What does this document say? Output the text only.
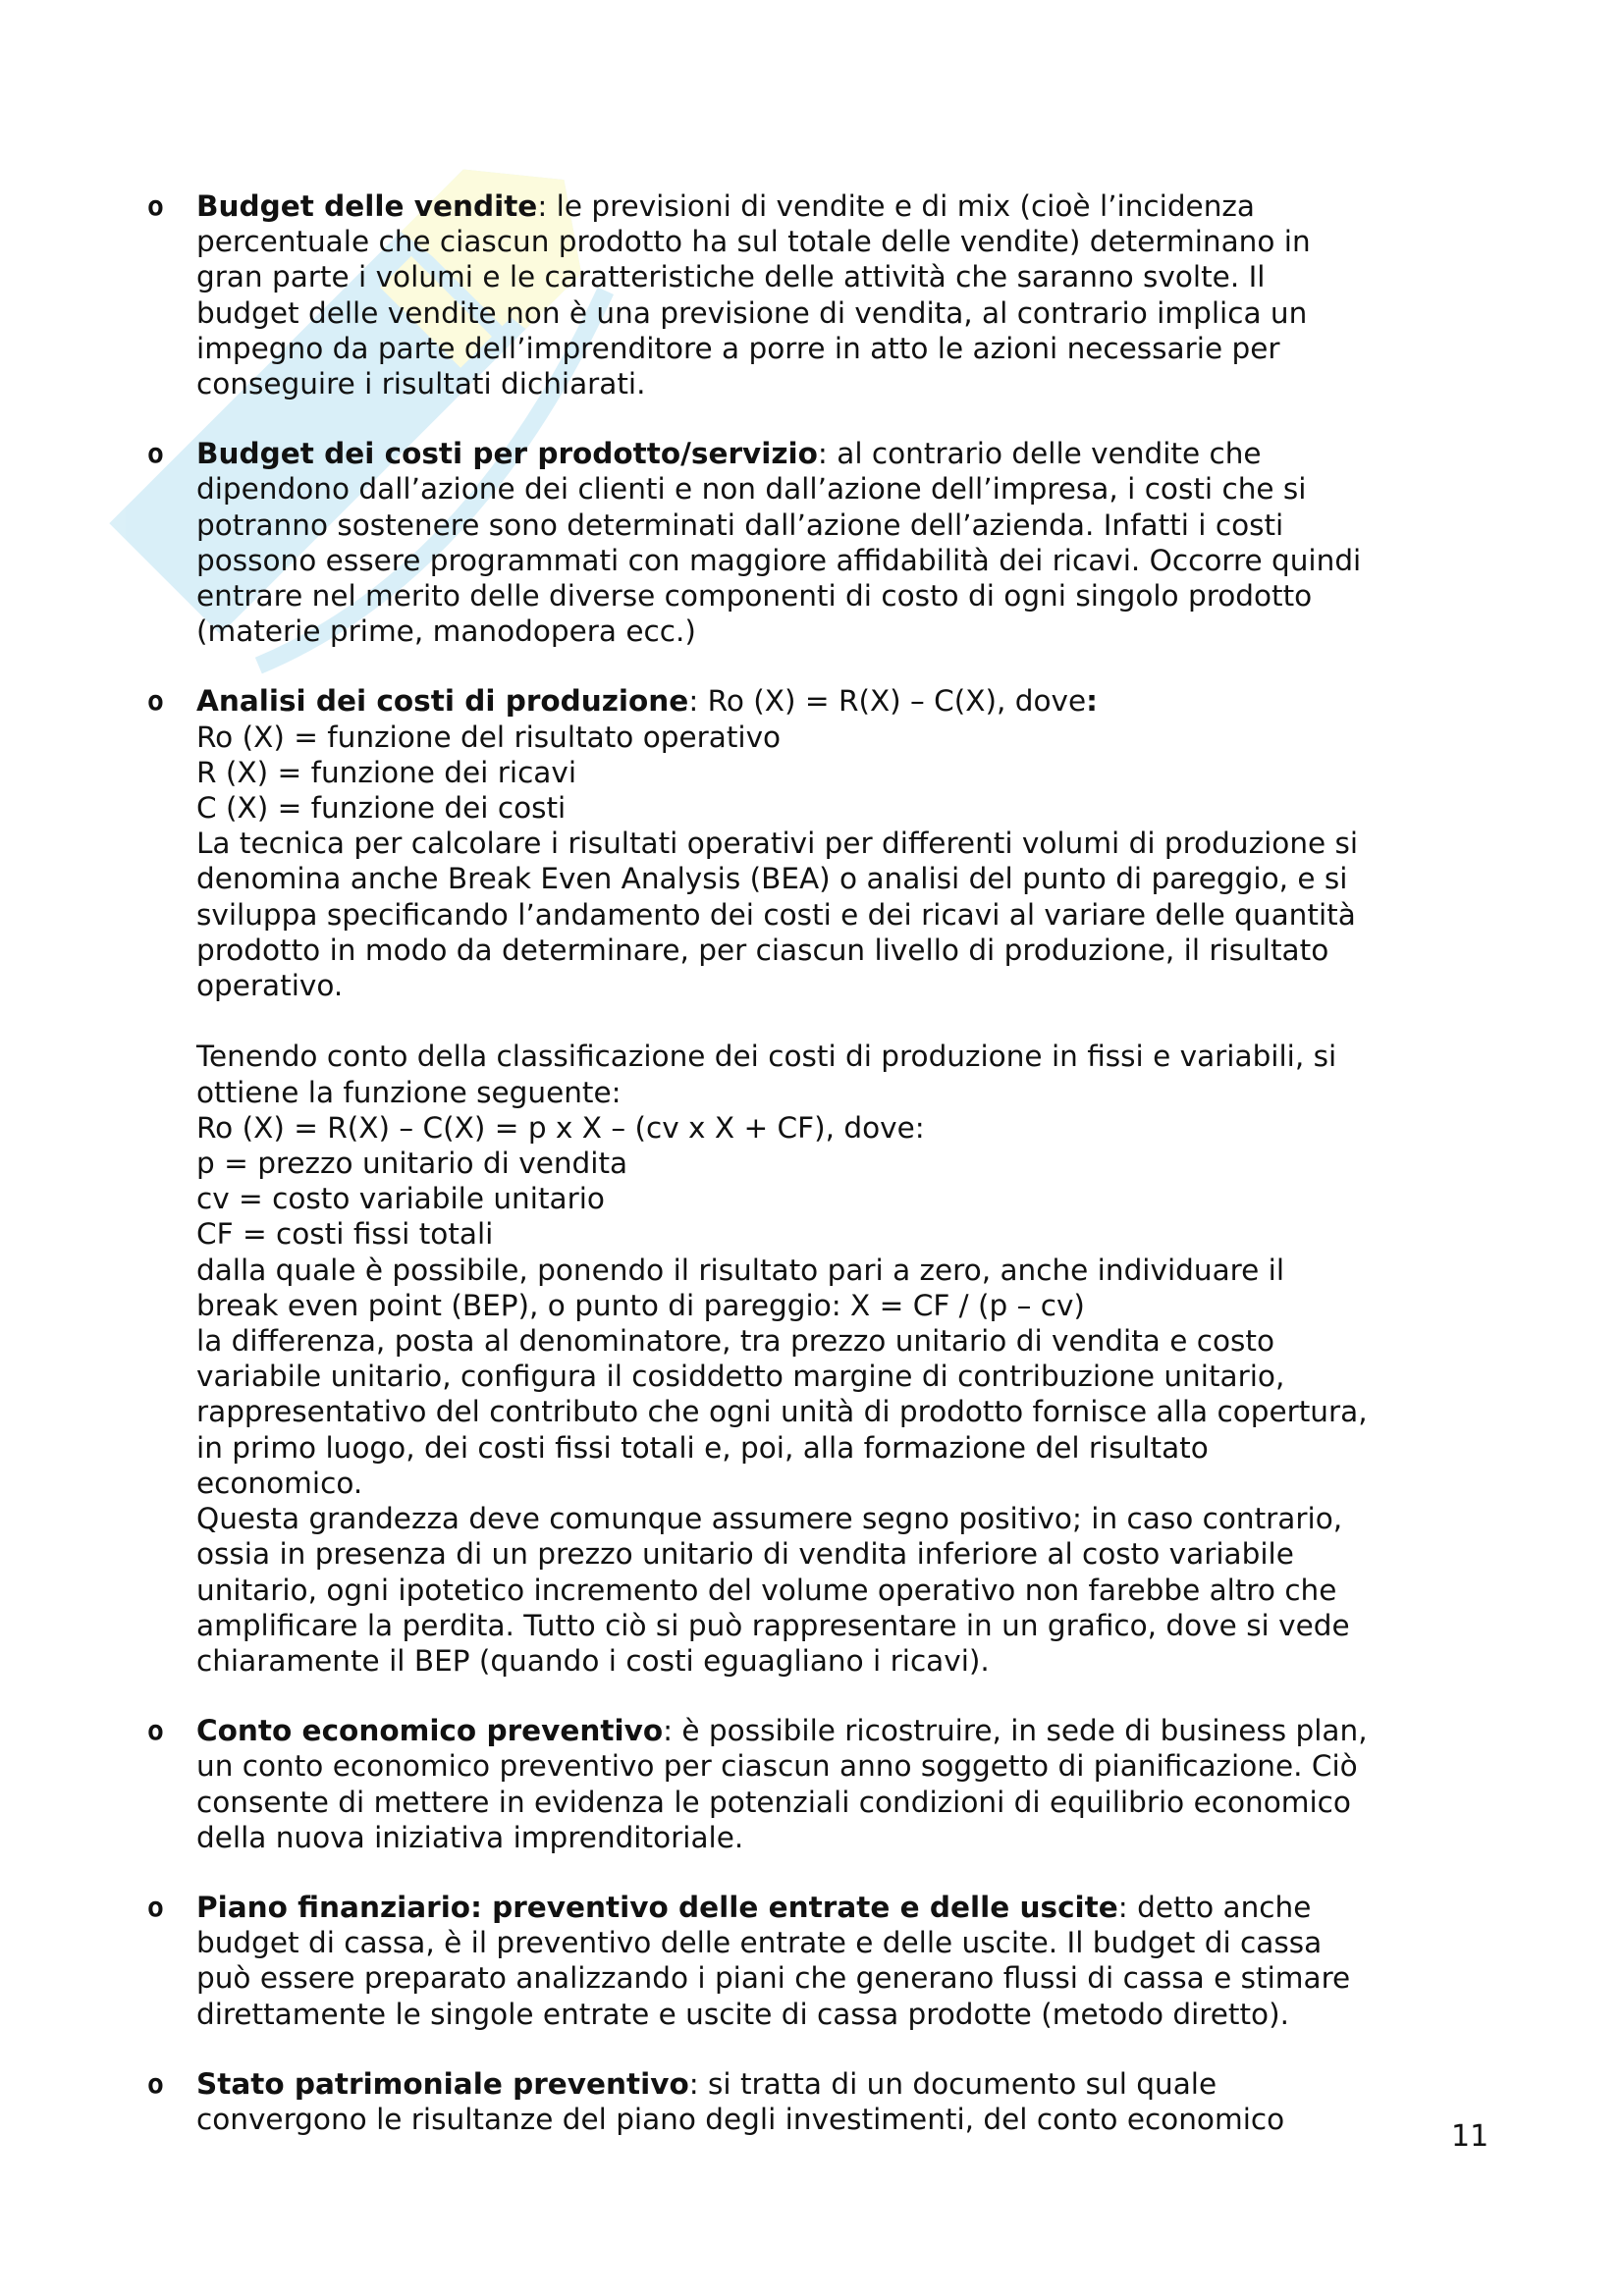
o Budget delle vendite: le previsioni di vendite e di mix (cioè l’incidenza
percentuale che ciascun prodotto ha sul totale delle vendite) determinano in
gran parte i volumi e le caratteristiche delle attività che saranno svolte. Il
budget delle vendite non è una previsione di vendita, al contrario implica un
impegno da parte dell’imprenditore a porre in atto le azioni necessarie per
conseguire i risultati dichiarati.
o Budget dei costi per prodotto/servizio: al contrario delle vendite che
dipendono dall’azione dei clienti e non dall’azione dell’impresa, i costi che si
potranno sostenere sono determinati dall’azione dell’azienda. Infatti i costi
possono essere programmati con maggiore affidabilità dei ricavi. Occorre quindi
entrare nel merito delle diverse componenti di costo di ogni singolo prodotto
(materie prime, manodopera ecc.)
o Analisi dei costi di produzione: Ro (X) = R(X) – C(X), dove:
Ro (X) = funzione del risultato operativo
R (X) = funzione dei ricavi
C (X) = funzione dei costi
La tecnica per calcolare i risultati operativi per differenti volumi di produzione si
denomina anche Break Even Analysis (BEA) o analisi del punto di pareggio, e si
sviluppa specificando l’andamento dei costi e dei ricavi al variare delle quantità
prodotto in modo da determinare, per ciascun livello di produzione, il risultato
operativo.
Tenendo conto della classificazione dei costi di produzione in fissi e variabili, si
ottiene la funzione seguente:
Ro (X) = R(X) – C(X) = p x X – (cv x X + CF), dove:
p = prezzo unitario di vendita
cv = costo variabile unitario
CF = costi fissi totali
dalla quale è possibile, ponendo il risultato pari a zero, anche individuare il
break even point (BEP), o punto di pareggio: X = CF / (p – cv)
la differenza, posta al denominatore, tra prezzo unitario di vendita e costo
variabile unitario, configura il cosiddetto margine di contribuzione unitario,
rappresentativo del contributo che ogni unità di prodotto fornisce alla copertura,
in primo luogo, dei costi fissi totali e, poi, alla formazione del risultato
economico.
Questa grandezza deve comunque assumere segno positivo; in caso contrario,
ossia in presenza di un prezzo unitario di vendita inferiore al costo variabile
unitario, ogni ipotetico incremento del volume operativo non farebbe altro che
amplificare la perdita. Tutto ciò si può rappresentare in un grafico, dove si vede
chiaramente il BEP (quando i costi eguagliano i ricavi).
o Conto economico preventivo: è possibile ricostruire, in sede di business plan,
un conto economico preventivo per ciascun anno soggetto di pianificazione. Ciò
consente di mettere in evidenza le potenziali condizioni di equilibrio economico
della nuova iniziativa imprenditoriale.
o Piano finanziario: preventivo delle entrate e delle uscite: detto anche
budget di cassa, è il preventivo delle entrate e delle uscite. Il budget di cassa
può essere preparato analizzando i piani che generano flussi di cassa e stimare
direttamente le singole entrate e uscite di cassa prodotte (metodo diretto).
o Stato patrimoniale preventivo: si tratta di un documento sul quale
convergono le risultanze del piano degli investimenti, del conto economico
11
